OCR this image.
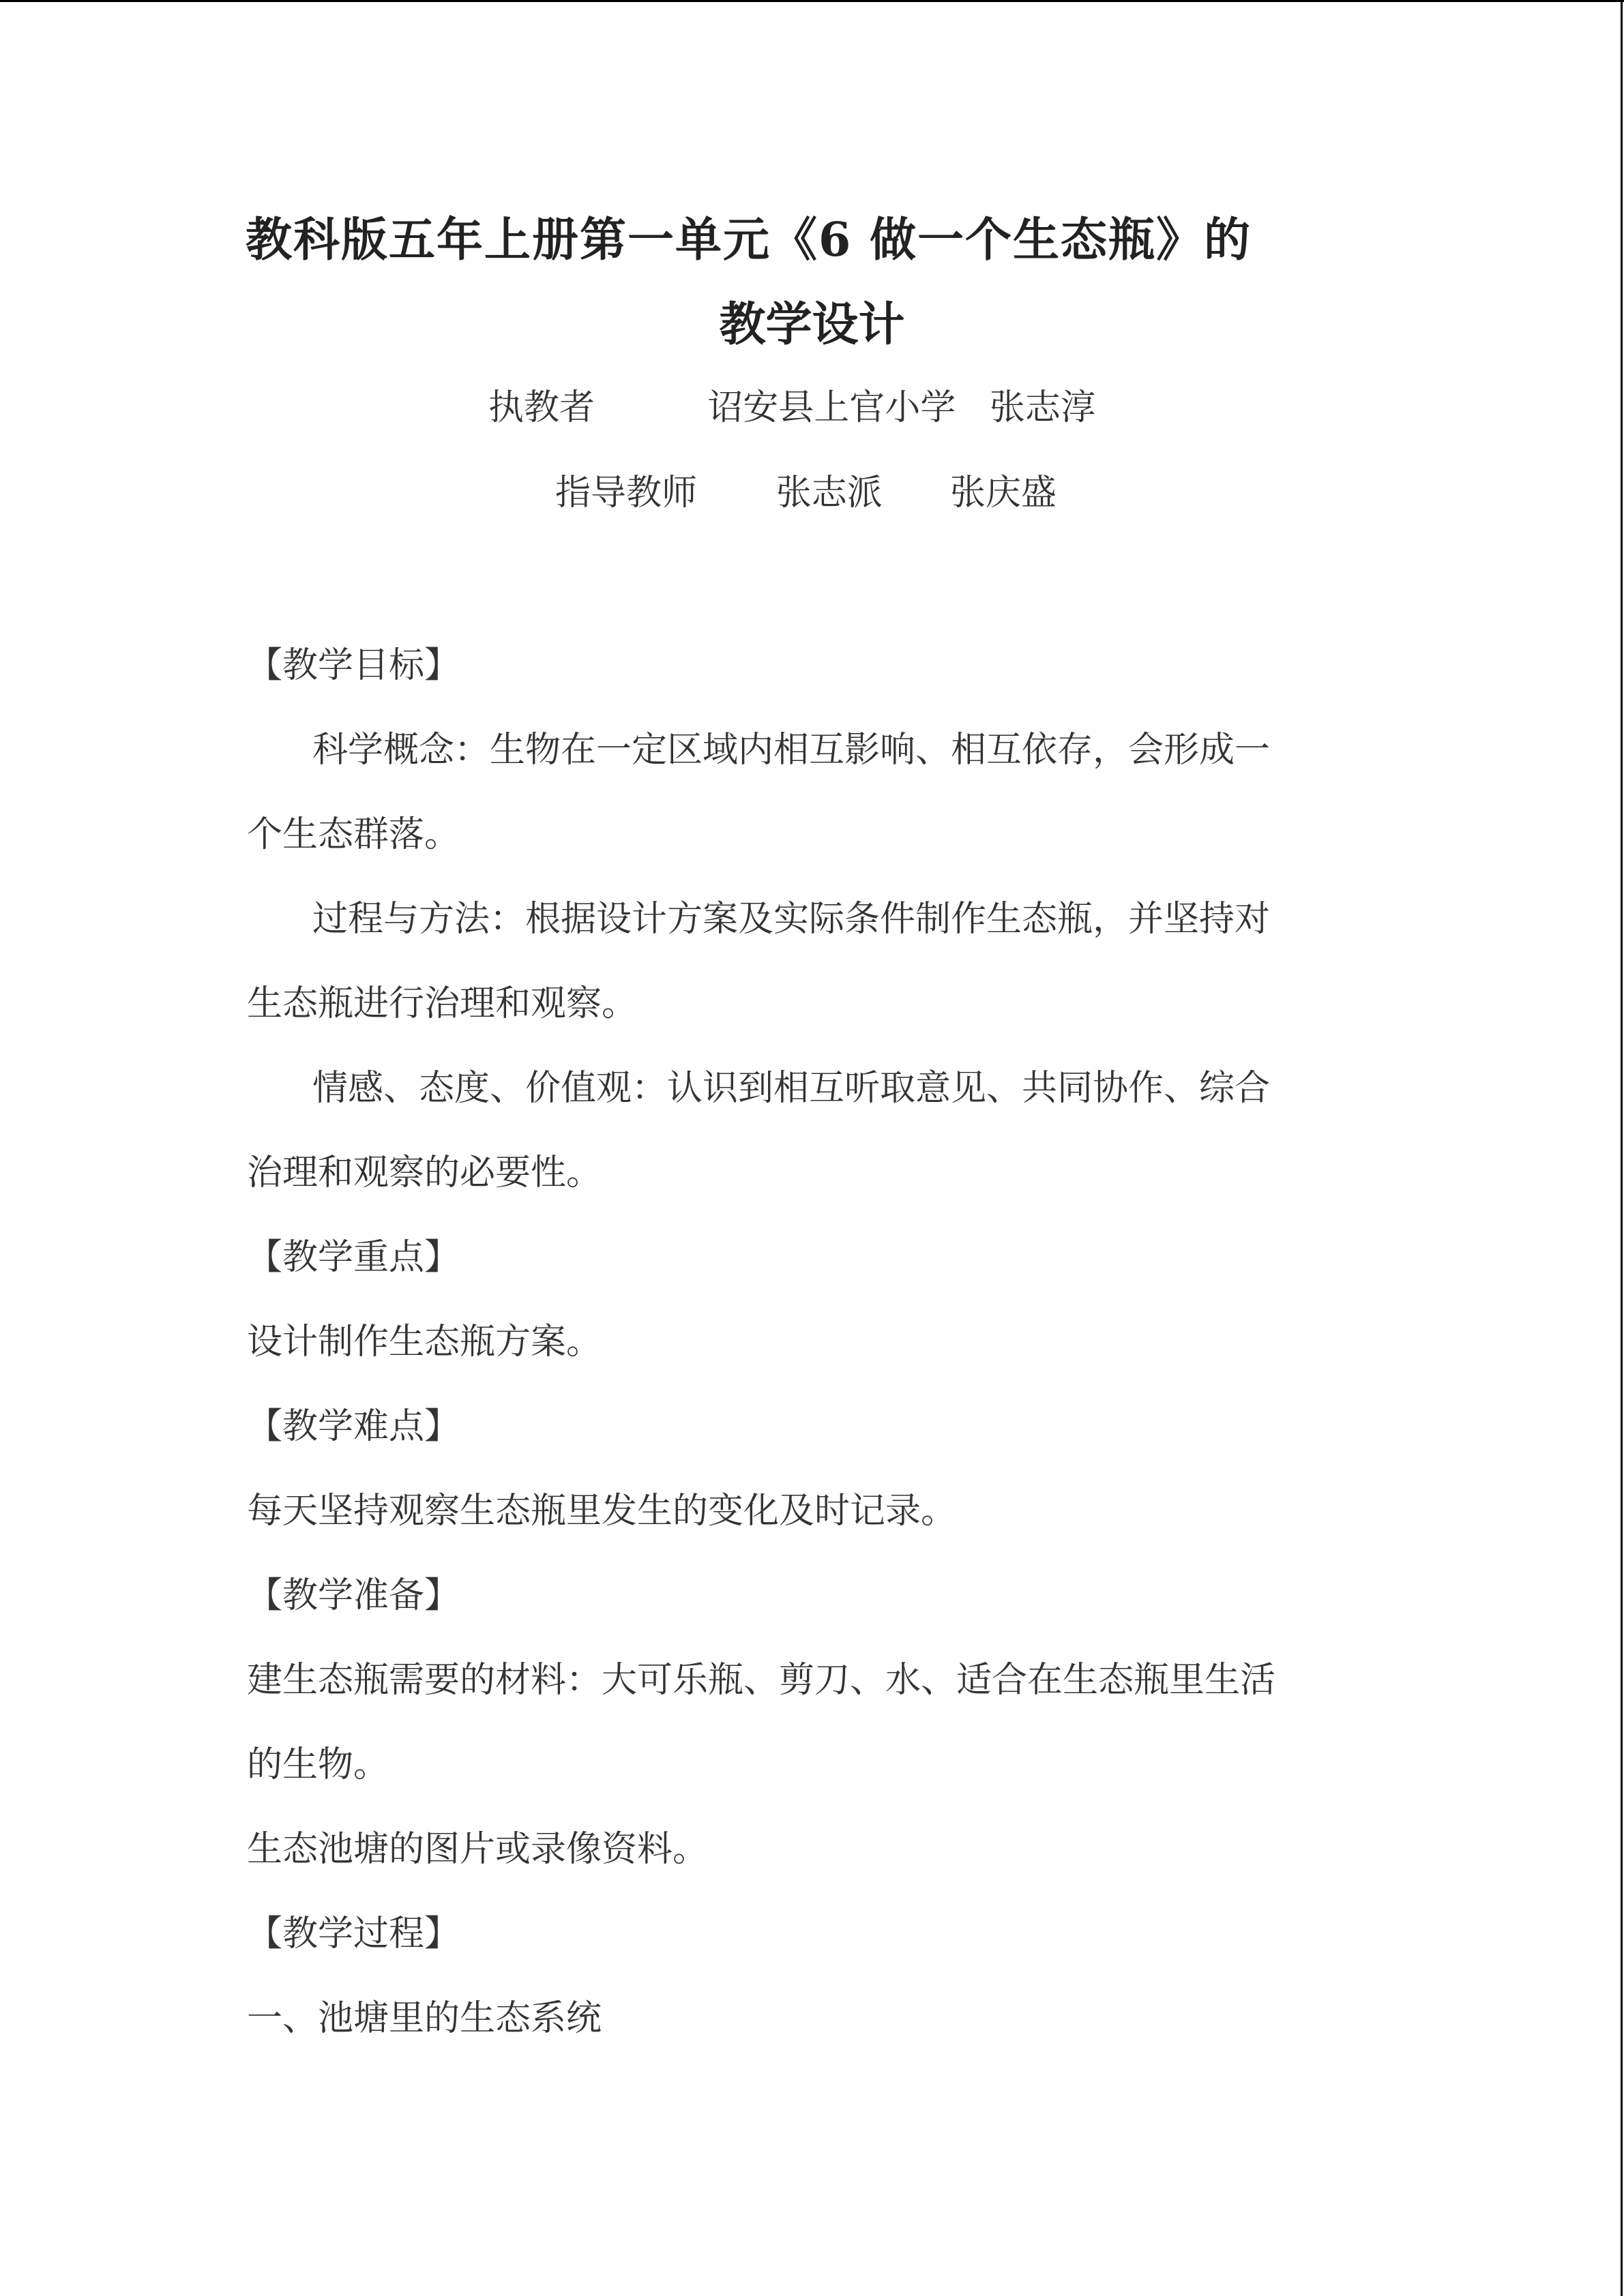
教科版五年上册第一单元《6 做一个生态瓶》的
教学设计
执教者          诏安县上官小学   张志淳
指导教师       张志派      张庆盛
【教学目标】
科学概念：生物在一定区域内相互影响、相互依存，会形成一
个生态群落。
过程与方法：根据设计方案及实际条件制作生态瓶，并坚持对
生态瓶进行治理和观察。
情感、态度、价值观：认识到相互听取意见、共同协作、综合
治理和观察的必要性。
【教学重点】
设计制作生态瓶方案。
【教学难点】
每天坚持观察生态瓶里发生的变化及时记录。
【教学准备】
建生态瓶需要的材料：大可乐瓶、剪刀、水、适合在生态瓶里生活
的生物。
生态池塘的图片或录像资料。
【教学过程】
一、池塘里的生态系统
